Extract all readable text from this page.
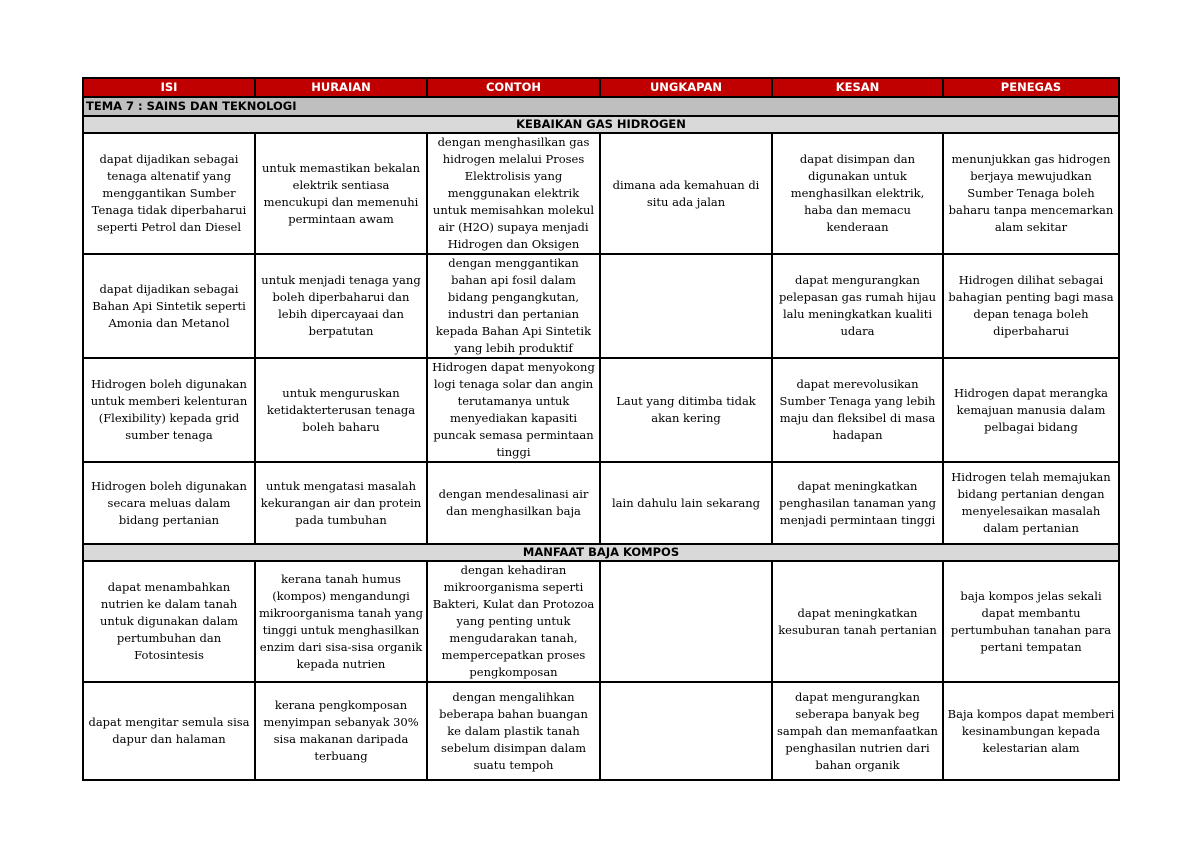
ISI	HURAIAN	CONTOH	UNGKAPAN	KESAN	PENEGAS
TEMA 7 : SAINS DAN TEKNOLOGI					
KEBAIKAN GAS HIDROGEN					
dapat dijadikan sebagai tenaga altenatif yang menggantikan Sumber Tenaga tidak diperbaharui seperti Petrol dan Diesel	untuk memastikan bekalan elektrik sentiasa mencukupi dan memenuhi permintaan awam	dengan menghasilkan gas hidrogen melalui Proses Elektrolisis yang menggunakan elektrik untuk memisahkan molekul air (H2O) supaya menjadi Hidrogen dan Oksigen	dimana ada kemahuan di situ ada jalan	dapat disimpan dan digunakan untuk menghasilkan elektrik, haba dan memacu kenderaan	menunjukkan gas hidrogen berjaya mewujudkan Sumber Tenaga boleh baharu tanpa mencemarkan alam sekitar
dapat dijadikan sebagai Bahan Api Sintetik seperti Amonia dan Metanol	untuk menjadi tenaga yang boleh diperbaharui dan lebih dipercayaai dan berpatutan	dengan menggantikan bahan api fosil dalam bidang pengangkutan, industri dan pertanian kepada Bahan Api Sintetik yang lebih produktif		dapat mengurangkan pelepasan gas rumah hijau lalu meningkatkan kualiti udara	Hidrogen dilihat sebagai bahagian penting bagi masa depan tenaga boleh diperbaharui
Hidrogen boleh digunakan untuk memberi kelenturan (Flexibility) kepada grid sumber tenaga	untuk menguruskan ketidakterterusan tenaga boleh baharu	Hidrogen dapat menyokong logi tenaga solar dan angin terutamanya untuk menyediakan kapasiti puncak semasa permintaan tinggi	Laut yang ditimba tidak akan kering	dapat merevolusikan Sumber Tenaga yang lebih maju dan fleksibel di masa hadapan	Hidrogen dapat merangka kemajuan manusia dalam pelbagai bidang
Hidrogen boleh digunakan secara meluas dalam bidang pertanian	untuk mengatasi masalah kekurangan air dan protein pada tumbuhan	dengan mendesalinasi air dan menghasilkan baja	lain dahulu lain sekarang	dapat meningkatkan penghasilan tanaman yang menjadi permintaan tinggi	Hidrogen telah memajukan bidang pertanian dengan menyelesaikan masalah dalam pertanian
MANFAAT BAJA KOMPOS					
dapat menambahkan nutrien ke dalam tanah untuk digunakan dalam pertumbuhan dan Fotosintesis	kerana tanah humus (kompos) mengandungi mikroorganisma tanah yang tinggi untuk menghasilkan enzim dari sisa-sisa organik kepada nutrien	dengan kehadiran mikroorganisma seperti Bakteri, Kulat dan Protozoa yang penting untuk mengudarakan tanah, mempercepatkan proses pengkomposan		dapat meningkatkan kesuburan tanah pertanian	baja kompos jelas sekali dapat membantu pertumbuhan tanahan para pertani tempatan
dapat mengitar semula sisa dapur dan halaman	kerana pengkomposan menyimpan sebanyak 30% sisa makanan daripada terbuang	dengan mengalihkan beberapa bahan buangan ke dalam plastik tanah sebelum disimpan dalam suatu tempoh		dapat mengurangkan seberapa banyak beg sampah dan memanfaatkan penghasilan nutrien dari bahan organik	Baja kompos dapat memberi kesinambungan kepada kelestarian alam
